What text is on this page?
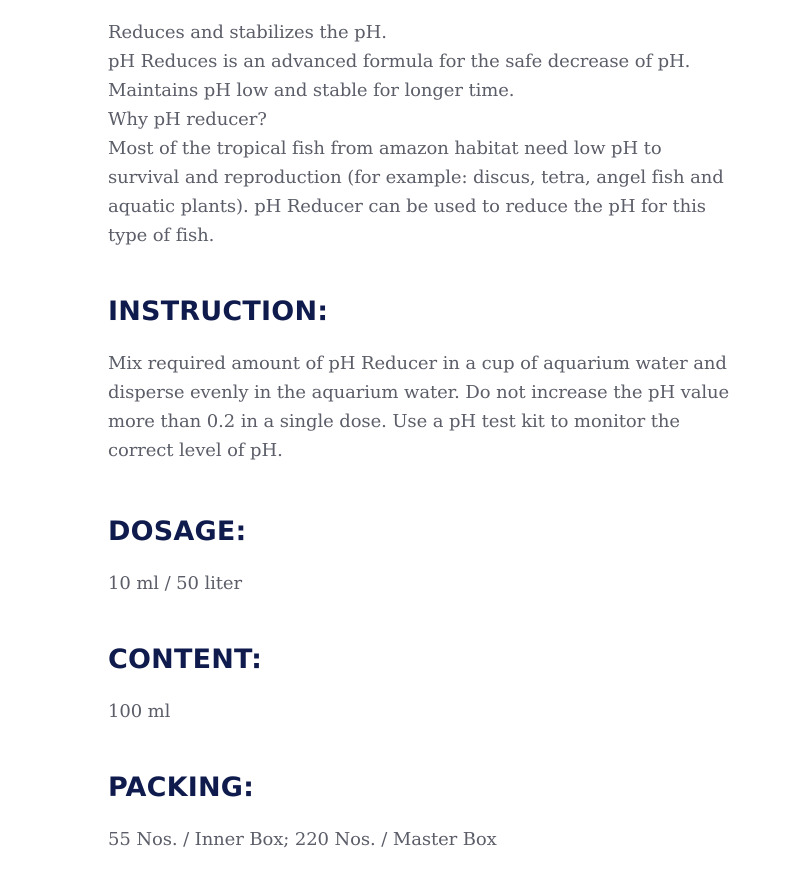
Reduces and stabilizes the pH.
pH Reduces is an advanced formula for the safe decrease of pH.
Maintains pH low and stable for longer time.
Why pH reducer?
Most of the tropical fish from amazon habitat need low pH to
survival and reproduction (for example: discus, tetra, angel fish and
aquatic plants). pH Reducer can be used to reduce the pH for this
type of fish.

INSTRUCTION:

Mix required amount of pH Reducer in a cup of aquarium water and
disperse evenly in the aquarium water. Do not increase the pH value
more than 0.2 in a single dose. Use a pH test kit to monitor the
correct level of pH.

DOSAGE:

10 ml / 50 liter

CONTENT:

100 ml

PACKING:

55 Nos. / Inner Box; 220 Nos. / Master Box
